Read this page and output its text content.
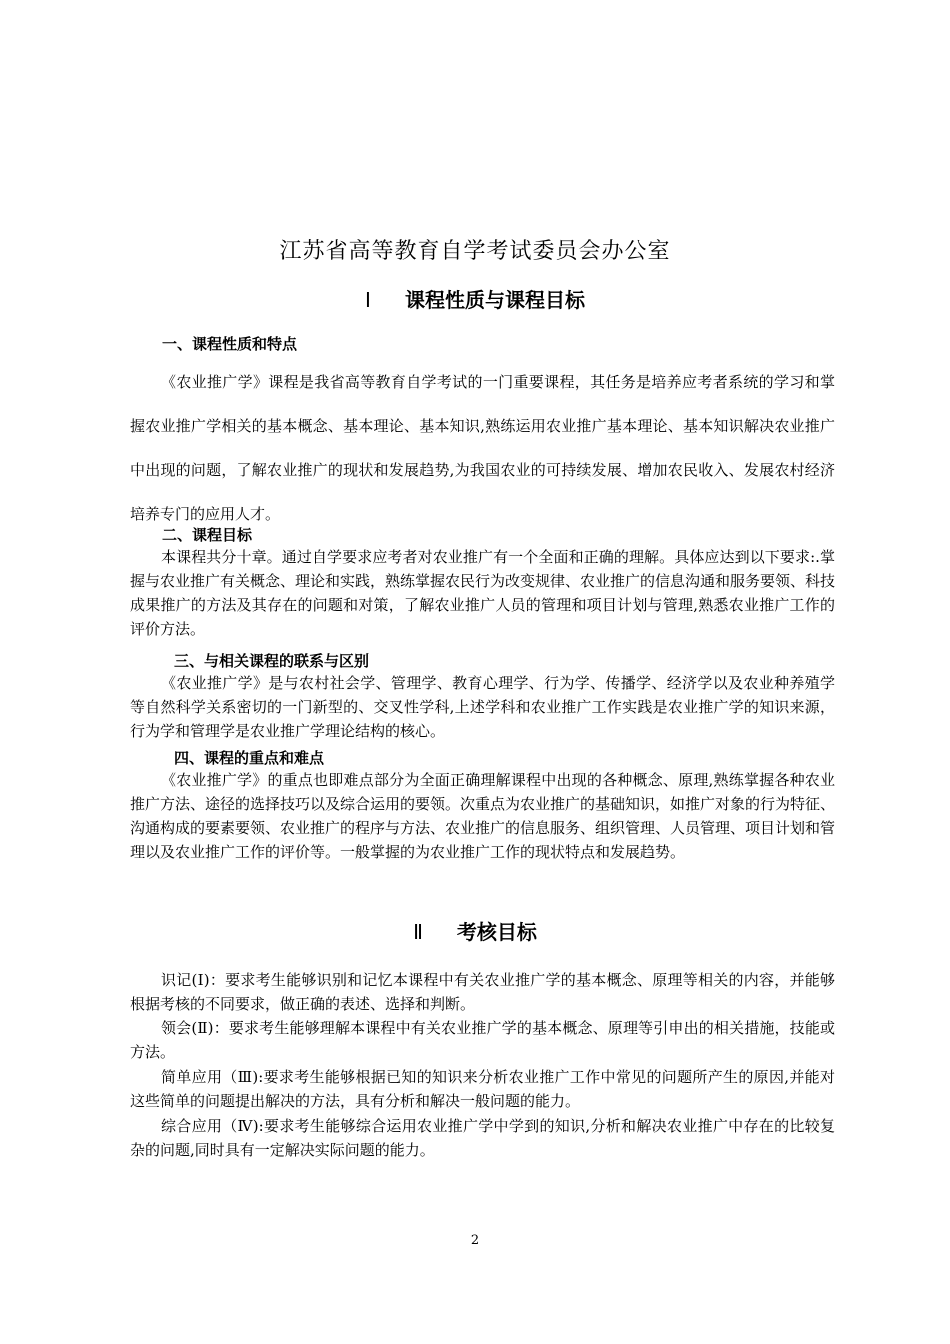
江苏省高等教育自学考试委员会办公室
Ⅰ 课程性质与课程目标
一、课程性质和特点

《农业推广学》课程是我省高等教育自学考试的一门重要课程，其任务是培养应考者系统的学习和掌握农业推广学相关的基本概念、基本理论、基本知识,熟练运用农业推广基本理论、基本知识解决农业推广中出现的问题，了解农业推广的现状和发展趋势,为我国农业的可持续发展、增加农民收入、发展农村经济培养专门的应用人才。

二、课程目标

本课程共分十章。通过自学要求应考者对农业推广有一个全面和正确的理解。具体应达到以下要求:.掌握与农业推广有关概念、理论和实践，熟练掌握农民行为改变规律、农业推广的信息沟通和服务要领、科技成果推广的方法及其存在的问题和对策，了解农业推广人员的管理和项目计划与管理,熟悉农业推广工作的评价方法。

三、与相关课程的联系与区别

《农业推广学》是与农村社会学、管理学、教育心理学、行为学、传播学、经济学以及农业种养殖学等自然科学关系密切的一门新型的、交叉性学科,上述学科和农业推广工作实践是农业推广学的知识来源，行为学和管理学是农业推广学理论结构的核心。

四、课程的重点和难点

《农业推广学》的重点也即难点部分为全面正确理解课程中出现的各种概念、原理,熟练掌握各种农业推广方法、途径的选择技巧以及综合运用的要领。次重点为农业推广的基础知识，如推广对象的行为特征、沟通构成的要素要领、农业推广的程序与方法、农业推广的信息服务、组织管理、人员管理、项目计划和管理以及农业推广工作的评价等。一般掌握的为农业推广工作的现状特点和发展趋势。

Ⅱ 考核目标

识记(Ⅰ)：要求考生能够识别和记忆本课程中有关农业推广学的基本概念、原理等相关的内容，并能够根据考核的不同要求，做正确的表述、选择和判断。

领会(Ⅱ)：要求考生能够理解本课程中有关农业推广学的基本概念、原理等引申出的相关措施，技能或方法。

简单应用（Ⅲ):要求考生能够根据已知的知识来分析农业推广工作中常见的问题所产生的原因,并能对这些简单的问题提出解决的方法，具有分析和解决一般问题的能力。

综合应用（Ⅳ):要求考生能够综合运用农业推广学中学到的知识,分析和解决农业推广中存在的比较复杂的问题,同时具有一定解决实际问题的能力。

2
